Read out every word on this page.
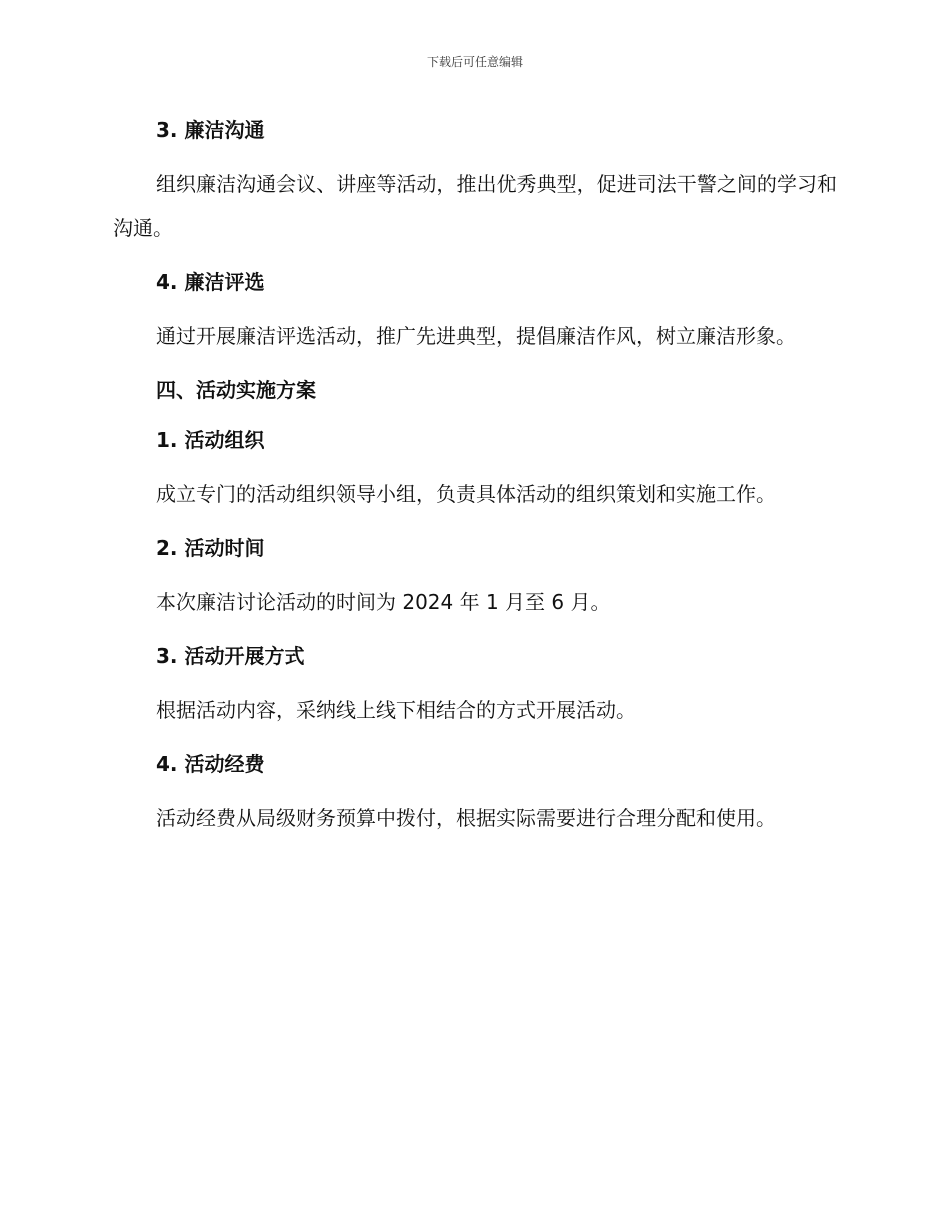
下载后可任意编辑

3. 廉洁沟通

组织廉洁沟通会议、讲座等活动，推出优秀典型，促进司法干警之间的学习和沟通。

4. 廉洁评选

通过开展廉洁评选活动，推广先进典型，提倡廉洁作风，树立廉洁形象。

四、活动实施方案

1. 活动组织

成立专门的活动组织领导小组，负责具体活动的组织策划和实施工作。

2. 活动时间

本次廉洁讨论活动的时间为 2024 年 1 月至 6 月。

3. 活动开展方式

根据活动内容，采纳线上线下相结合的方式开展活动。

4. 活动经费

活动经费从局级财务预算中拨付，根据实际需要进行合理分配和使用。
